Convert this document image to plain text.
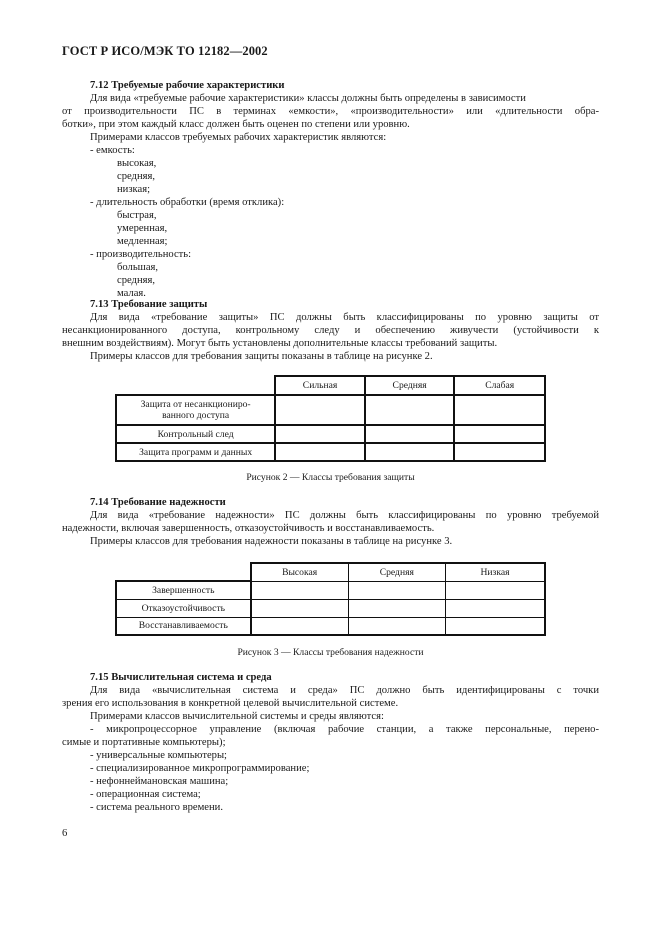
ГОСТ Р ИСО/МЭК ТО 12182—2002
7.12 Требуемые рабочие характеристики
Для вида «требуемые рабочие характеристики» классы должны быть определены в зависимости
от производительности ПС в терминах «емкости», «производительности» или «длительности обра-
ботки», при этом каждый класс должен быть оценен по степени или уровню.
Примерами классов требуемых рабочих характеристик являются:
- емкость:
высокая,
средняя,
низкая;
- длительность обработки (время отклика):
быстрая,
умеренная,
медленная;
- производительность:
большая,
средняя,
малая.
7.13 Требование защиты
Для вида «требование защиты» ПС должны быть классифицированы по уровню защиты от
несанкционированного доступа, контрольному следу и обеспечению живучести (устойчивости к
внешним воздействиям). Могут быть установлены дополнительные классы требований защиты.
Примеры классов для требования защиты показаны в таблице на рисунке 2.
	Сильная	Средняя	Слабая

Защита от несанкциониро-
ванного доступа			

Контрольный след			
Защита программ и данных			
Рисунок 2 — Классы требования защиты
7.14 Требование надежности
Для вида «требование надежности» ПС должны быть классифицированы по уровню требуемой
надежности, включая завершенность, отказоустойчивость и восстанавливаемость.
Примеры классов для требования надежности показаны в таблице на рисунке 3.
	Высокая	Средняя	Низкая
Завершенность			
Отказоустойчивость			
Восстанавливаемость			
Рисунок 3 — Классы требования надежности
7.15 Вычислительная система и среда
Для вида «вычислительная система и среда» ПС должно быть идентифицированы с точки
зрения его использования в конкретной целевой вычислительной системе.
Примерами классов вычислительной системы и среды являются:
- микропроцессорное управление (включая рабочие станции, а также персональные, перено-
симые и портативные компьютеры);
- универсальные компьютеры;
- специализированное микропрограммирование;
- нефоннеймановская машина;
- операционная система;
- система реального времени.
6
